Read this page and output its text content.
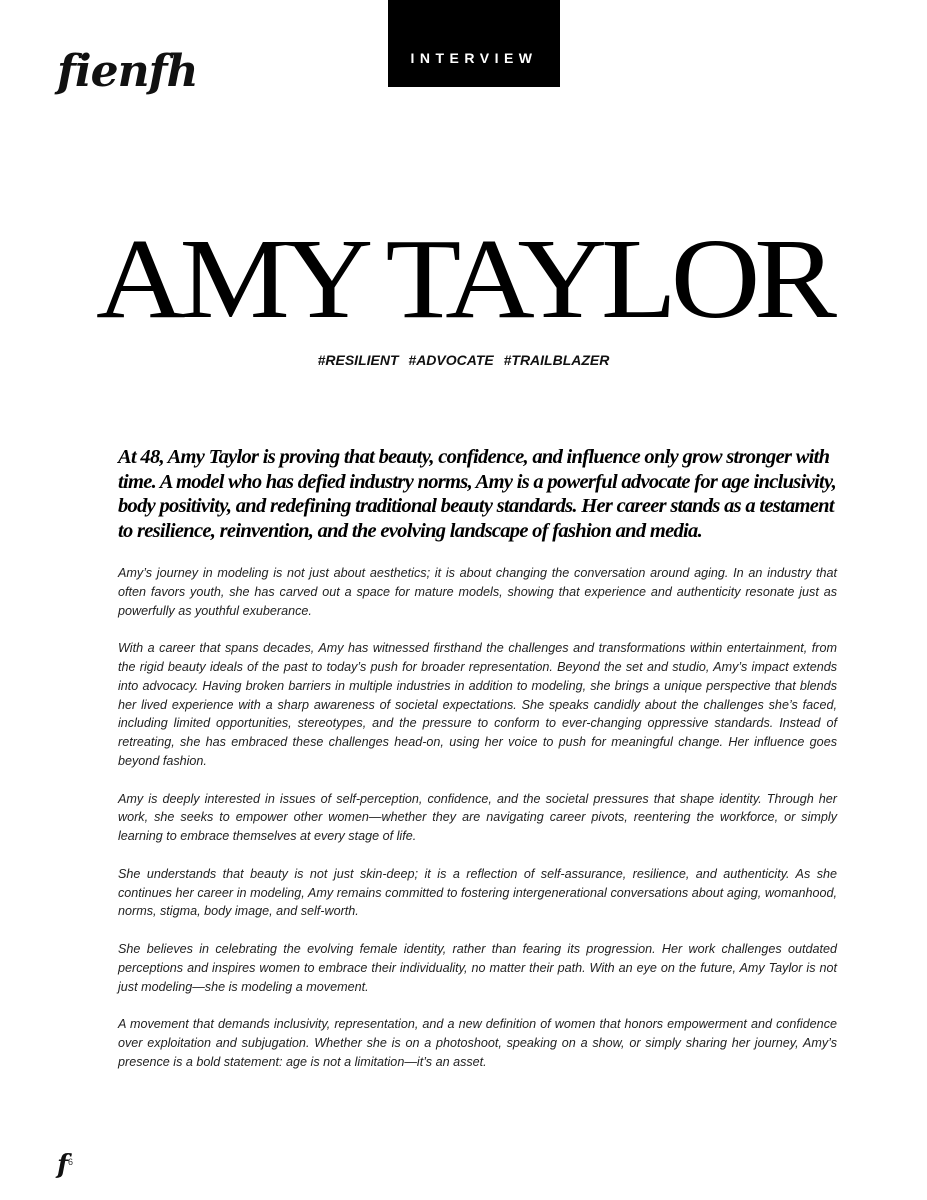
fienfh	INTERVIEW
AMY TAYLOR
#RESILIENT #ADVOCATE #TRAILBLAZER

At 48, Amy Taylor is proving that beauty, confidence, and influence only grow stronger with time. A model who has defied industry norms, Amy is a powerful advocate for age inclusivity, body positivity, and redefining traditional beauty standards. Her career stands as a testament to resilience, reinvention, and the evolving landscape of fashion and media.

Amy’s journey in modeling is not just about aesthetics; it is about changing the conversation around aging. In an industry that often favors youth, she has carved out a space for mature models, showing that experience and authenticity resonate just as powerfully as youthful exuberance.

With a career that spans decades, Amy has witnessed firsthand the challenges and transformations within entertainment, from the rigid beauty ideals of the past to today’s push for broader representation. Beyond the set and studio, Amy’s impact extends into advocacy. Having broken barriers in multiple industries in addition to modeling, she brings a unique perspective that blends her lived experience with a sharp awareness of societal expectations. She speaks candidly about the challenges she’s faced, including limited opportunities, stereotypes, and the pressure to conform to ever-changing oppressive standards. Instead of retreating, she has embraced these challenges head-on, using her voice to push for meaningful change. Her influence goes beyond fashion.

Amy is deeply interested in issues of self-perception, confidence, and the societal pressures that shape identity. Through her work, she seeks to empower other women—whether they are navigating career pivots, reentering the workforce, or simply learning to embrace themselves at every stage of life.

She understands that beauty is not just skin-deep; it is a reflection of self-assurance, resilience, and authenticity. As she continues her career in modeling, Amy remains committed to fostering intergenerational conversations about aging, womanhood, norms, stigma, body image, and self-worth.

She believes in celebrating the evolving female identity, rather than fearing its progression. Her work challenges outdated perceptions and inspires women to embrace their individuality, no matter their path. With an eye on the future, Amy Taylor is not just modeling—she is modeling a movement.

A movement that demands inclusivity, representation, and a new definition of women that honors empowerment and confidence over exploitation and subjugation. Whether she is on a photoshoot, speaking on a show, or simply sharing her journey, Amy’s presence is a bold statement: age is not a limitation—it’s an asset.

f 6
